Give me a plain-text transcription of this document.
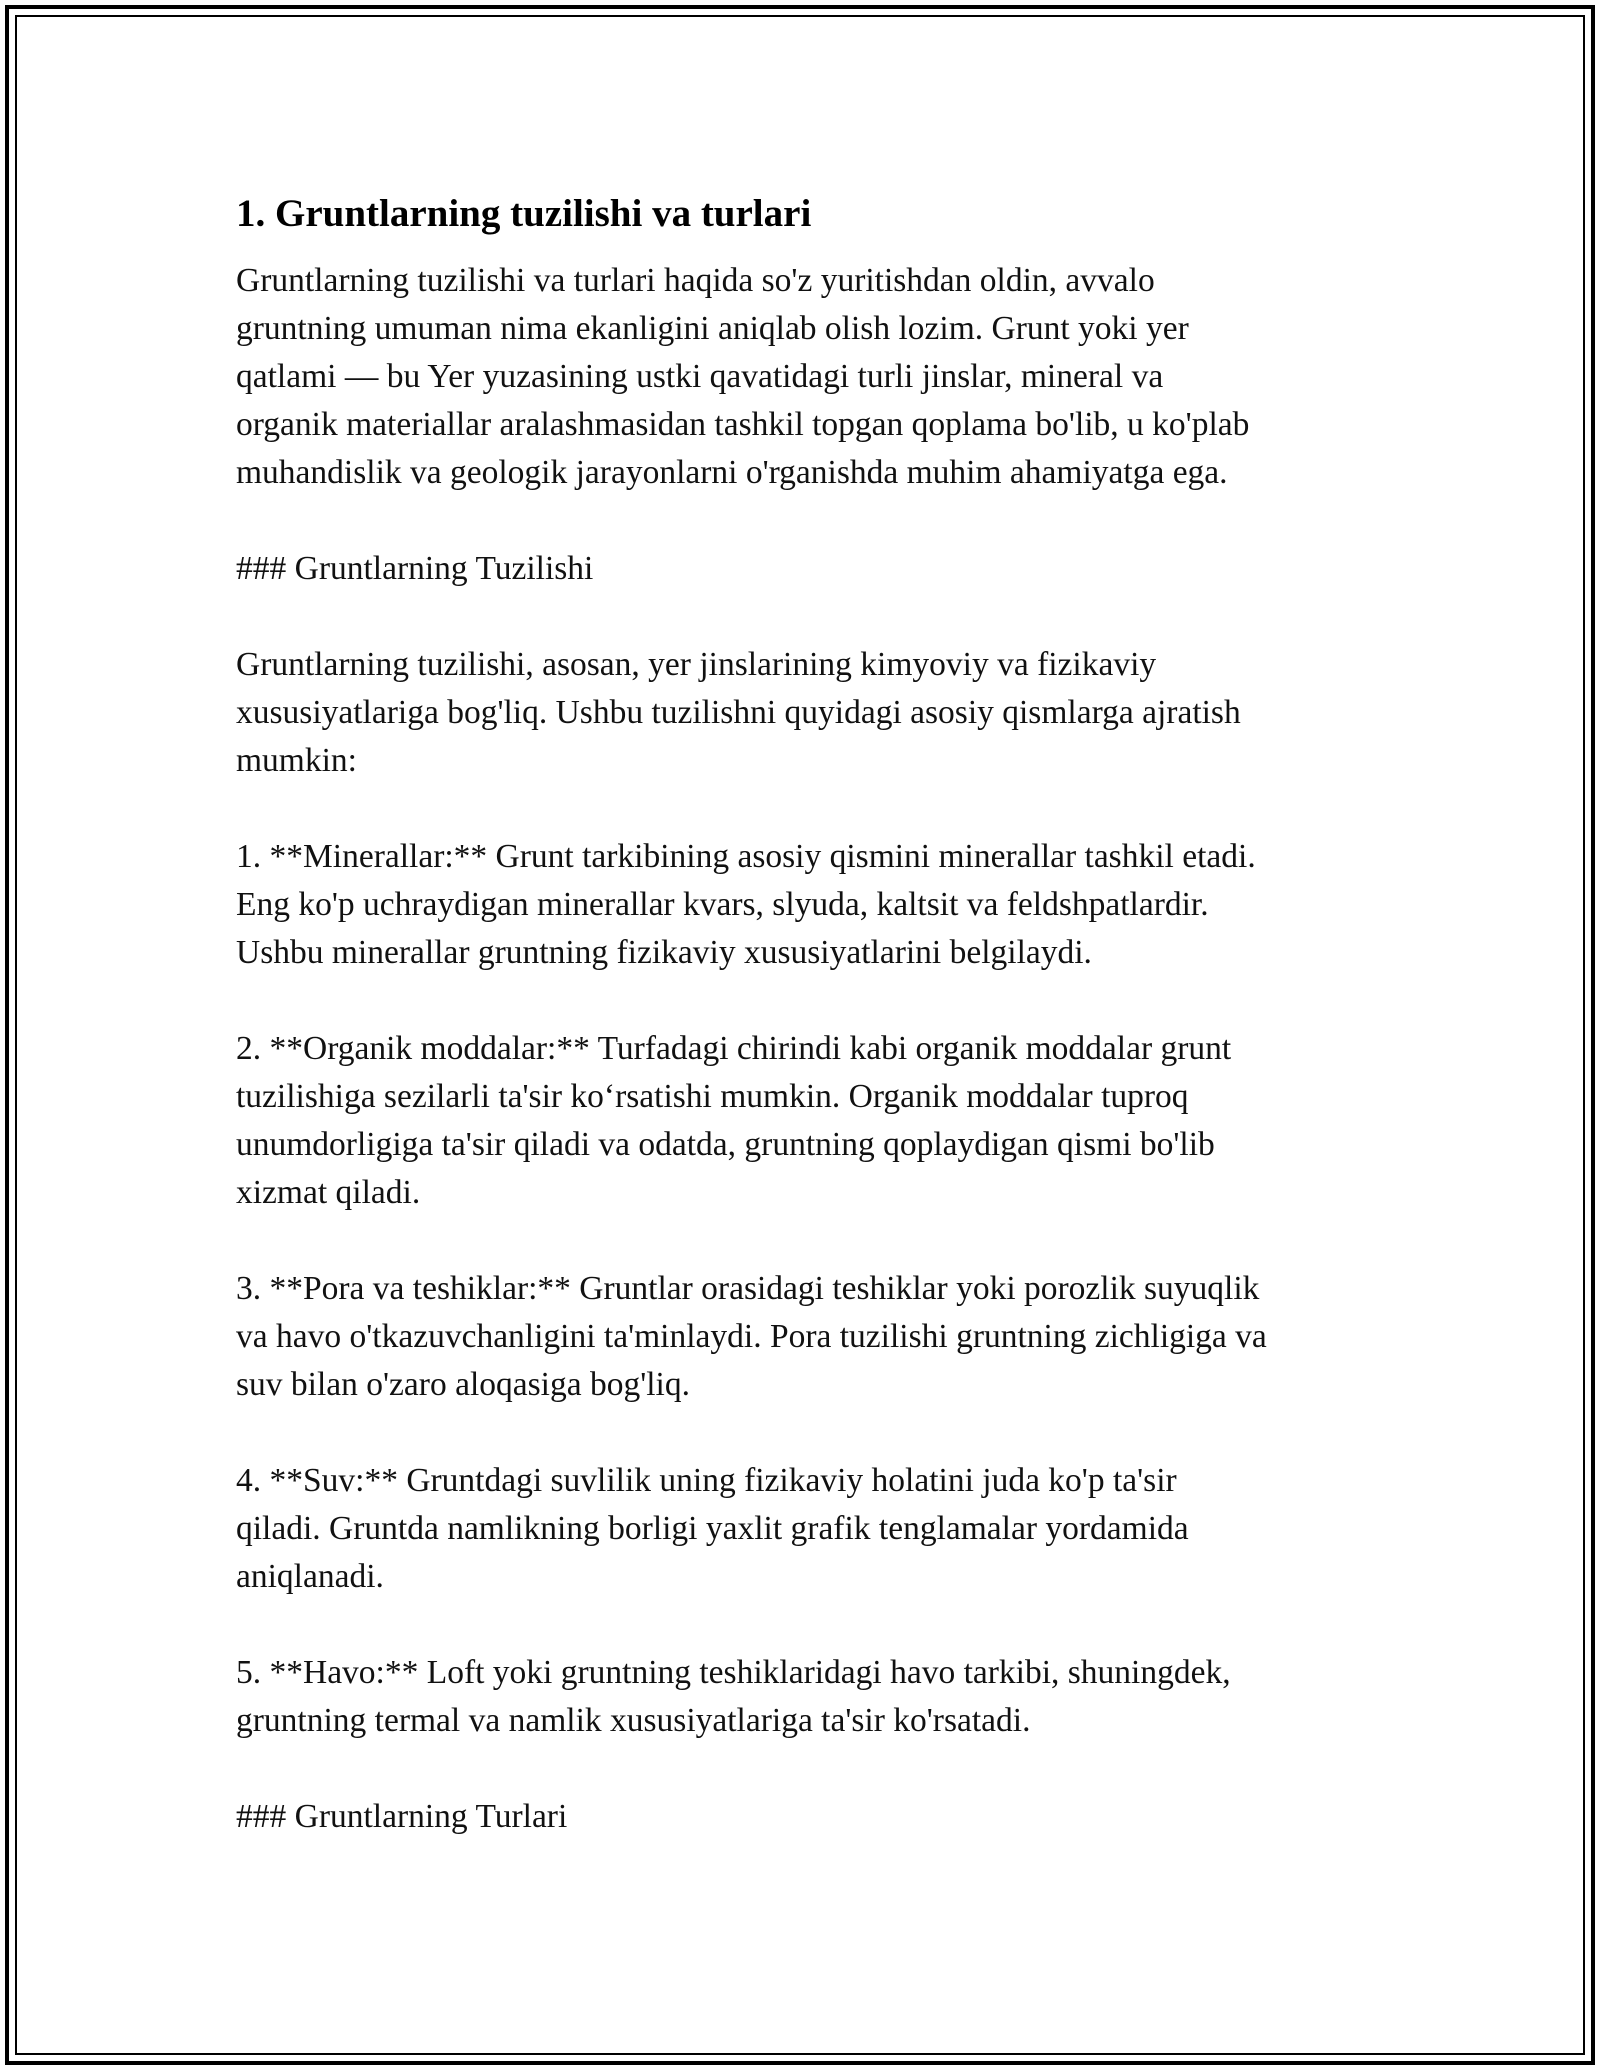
1. Gruntlarning tuzilishi va turlari

Gruntlarning tuzilishi va turlari haqida so'z yuritishdan oldin, avvalo
gruntning umuman nima ekanligini aniqlab olish lozim. Grunt yoki yer
qatlami — bu Yer yuzasining ustki qavatidagi turli jinslar, mineral va
organik materiallar aralashmasidan tashkil topgan qoplama bo'lib, u ko'plab
muhandislik va geologik jarayonlarni o'rganishda muhim ahamiyatga ega.

### Gruntlarning Tuzilishi

Gruntlarning tuzilishi, asosan, yer jinslarining kimyoviy va fizikaviy
xususiyatlariga bog'liq. Ushbu tuzilishni quyidagi asosiy qismlarga ajratish
mumkin:

1. **Minerallar:** Grunt tarkibining asosiy qismini minerallar tashkil etadi.
Eng ko'p uchraydigan minerallar kvars, slyuda, kaltsit va feldshpatlardir.
Ushbu minerallar gruntning fizikaviy xususiyatlarini belgilaydi.

2. **Organik moddalar:** Turfadagi chirindi kabi organik moddalar grunt
tuzilishiga sezilarli ta'sir ko‘rsatishi mumkin. Organik moddalar tuproq
unumdorligiga ta'sir qiladi va odatda, gruntning qoplaydigan qismi bo'lib
xizmat qiladi.

3. **Pora va teshiklar:** Gruntlar orasidagi teshiklar yoki porozlik suyuqlik
va havo o'tkazuvchanligini ta'minlaydi. Pora tuzilishi gruntning zichligiga va
suv bilan o'zaro aloqasiga bog'liq.

4. **Suv:** Gruntdagi suvlilik uning fizikaviy holatini juda ko'p ta'sir
qiladi. Gruntda namlikning borligi yaxlit grafik tenglamalar yordamida
aniqlanadi.

5. **Havo:** Loft yoki gruntning teshiklaridagi havo tarkibi, shuningdek,
gruntning termal va namlik xususiyatlariga ta'sir ko'rsatadi.

### Gruntlarning Turlari
